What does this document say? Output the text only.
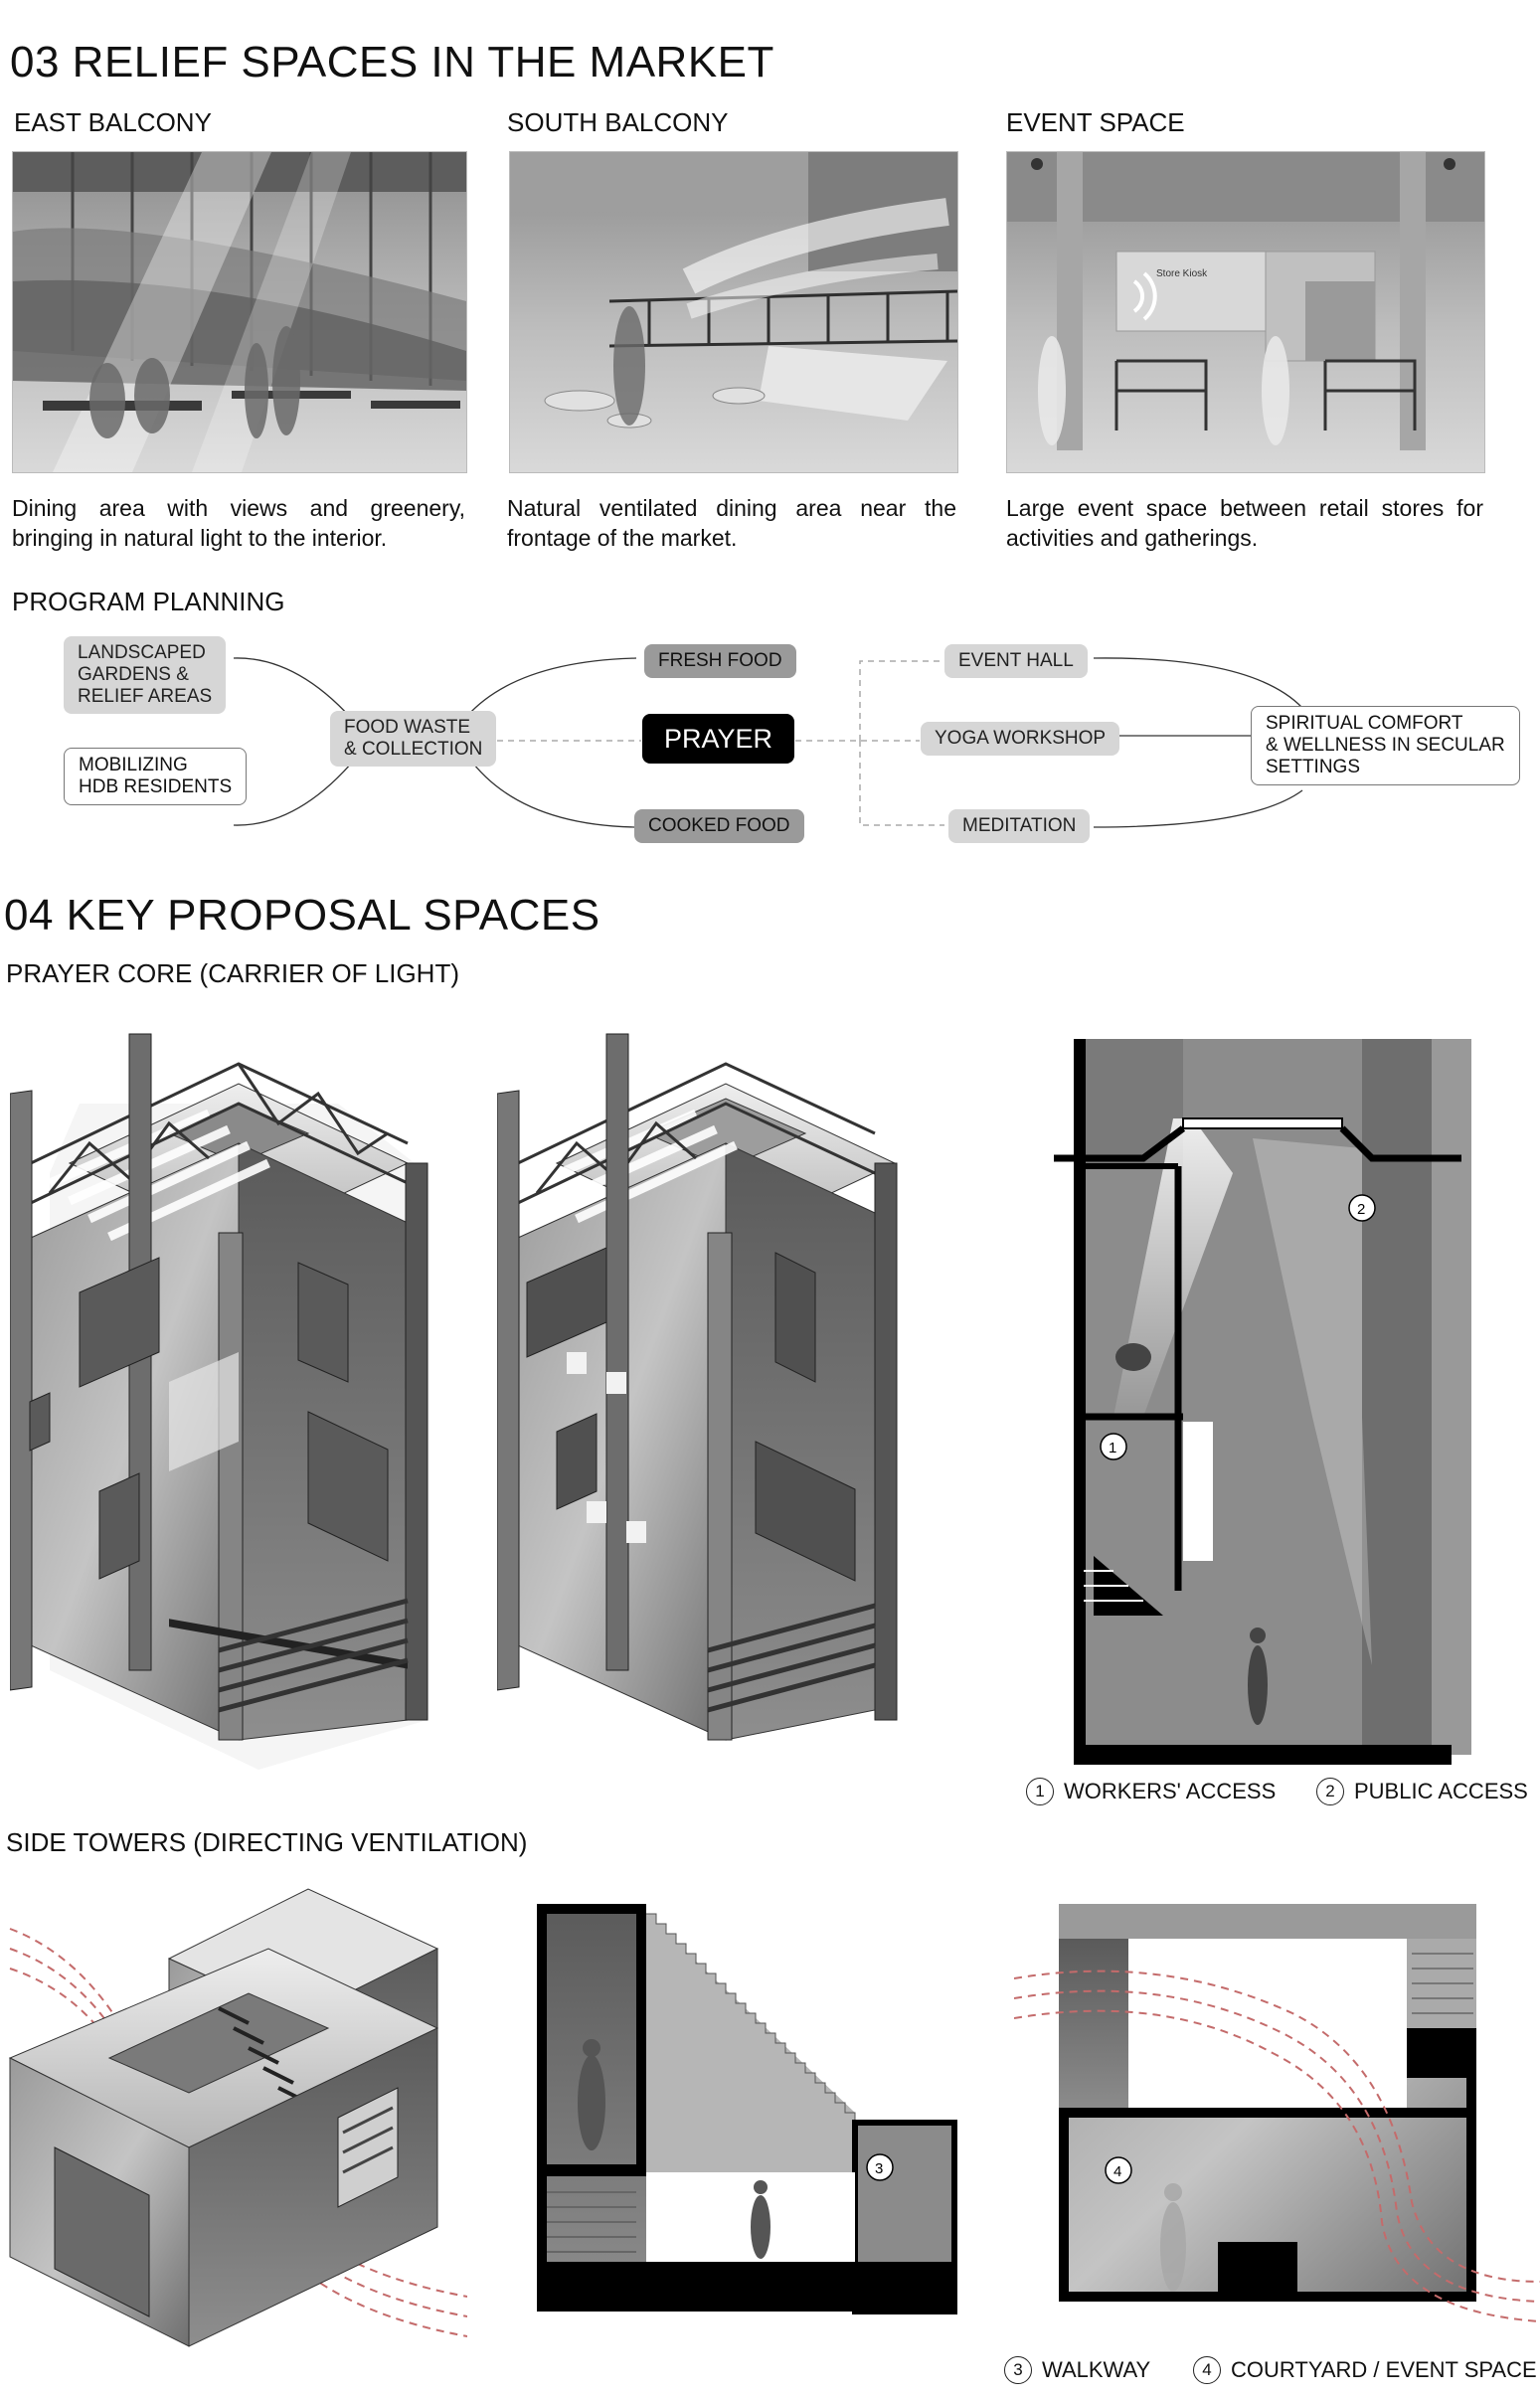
03 RELIEF SPACES IN THE MARKET
EAST BALCONY
Dining area with views and greenery, bringing in natural light to the interior.
SOUTH BALCONY
Natural ventilated dining area near the frontage of the market.
EVENT SPACE
Store Kiosk
Large event space between retail stores for activities and gatherings.
PROGRAM PLANNING
LANDSCAPED
GARDENS &
RELIEF AREAS
MOBILIZING
HDB RESIDENTS
FOOD WASTE
& COLLECTION
FRESH FOOD
PRAYER
COOKED FOOD
EVENT HALL
YOGA WORKSHOP
MEDITATION
SPIRITUAL COMFORT
& WELLNESS IN SECULAR
SETTINGS
04 KEY PROPOSAL SPACES
PRAYER CORE (CARRIER OF LIGHT)
2
1
1 WORKERS' ACCESS	2 PUBLIC ACCESS
SIDE TOWERS (DIRECTING VENTILATION)
3	4
3 WALKWAY	4 COURTYARD / EVENT SPACE
